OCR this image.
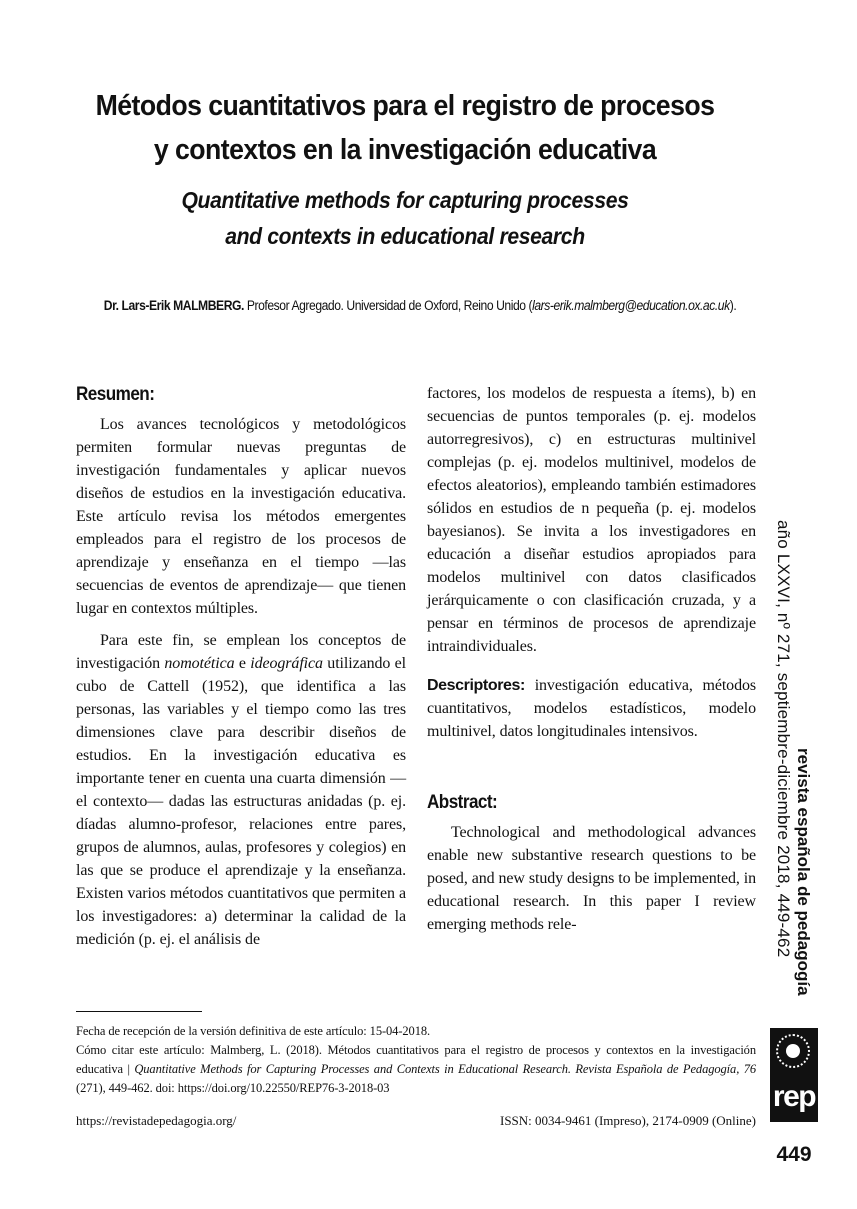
Métodos cuantitativos para el registro de procesos
y contextos en la investigación educativa
Quantitative methods for capturing processes
and contexts in educational research
Dr. Lars-Erik MALMBERG. Profesor Agregado. Universidad de Oxford, Reino Unido (lars-erik.malmberg@education.ox.ac.uk).
Resumen:

Los avances tecnológicos y metodológicos permiten formular nuevas preguntas de investigación fundamentales y aplicar nuevos diseños de estudios en la investigación educativa. Este artículo revisa los métodos emergentes empleados para el registro de los procesos de aprendizaje y enseñanza en el tiempo —las secuencias de eventos de aprendizaje— que tienen lugar en contextos múltiples.

Para este fin, se emplean los conceptos de investigación nomotética e ideográfica utilizando el cubo de Cattell (1952), que identifica a las personas, las variables y el tiempo como las tres dimensiones clave para describir diseños de estudios. En la investigación educativa es importante tener en cuenta una cuarta dimensión —el contexto— dadas las estructuras anidadas (p. ej. díadas alumno-profesor, relaciones entre pares, grupos de alumnos, aulas, profesores y colegios) en las que se produce el aprendizaje y la enseñanza. Existen varios métodos cuantitativos que permiten a los investigadores: a) determinar la calidad de la medición (p. ej. el análisis de

factores, los modelos de respuesta a ítems), b) en secuencias de puntos temporales (p. ej. modelos autorregresivos), c) en estructuras multinivel complejas (p. ej. modelos multinivel, modelos de efectos aleatorios), empleando también estimadores sólidos en estudios de n pequeña (p. ej. modelos bayesianos). Se invita a los investigadores en educación a diseñar estudios apropiados para modelos multinivel con datos clasificados jerárquicamente o con clasificación cruzada, y a pensar en términos de procesos de aprendizaje intraindividuales.

Descriptores: investigación educativa, métodos cuantitativos, modelos estadísticos, modelo multinivel, datos longitudinales intensivos.

Abstract:

Technological and methodological advances enable new substantive research questions to be posed, and new study designs to be implemented, in educational research. In this paper I review emerging methods rele-	año LXXVI, nº 271, septiembre-diciembre 2018, 449-462 revista española de pedagogía
rep
449

Fecha de recepción de la versión definitiva de este artículo: 15-04-2018.

Cómo citar este artículo: Malmberg, L. (2018). Métodos cuantitativos para el registro de procesos y contextos en la investigación educativa | Quantitative Methods for Capturing Processes and Contexts in Educational Research. Revista Española de Pedagogía, 76 (271), 449-462. doi: https://doi.org/10.22550/REP76-3-2018-03

https://revistadepedagogia.org/	ISSN: 0034-9461 (Impreso), 2174-0909 (Online)
